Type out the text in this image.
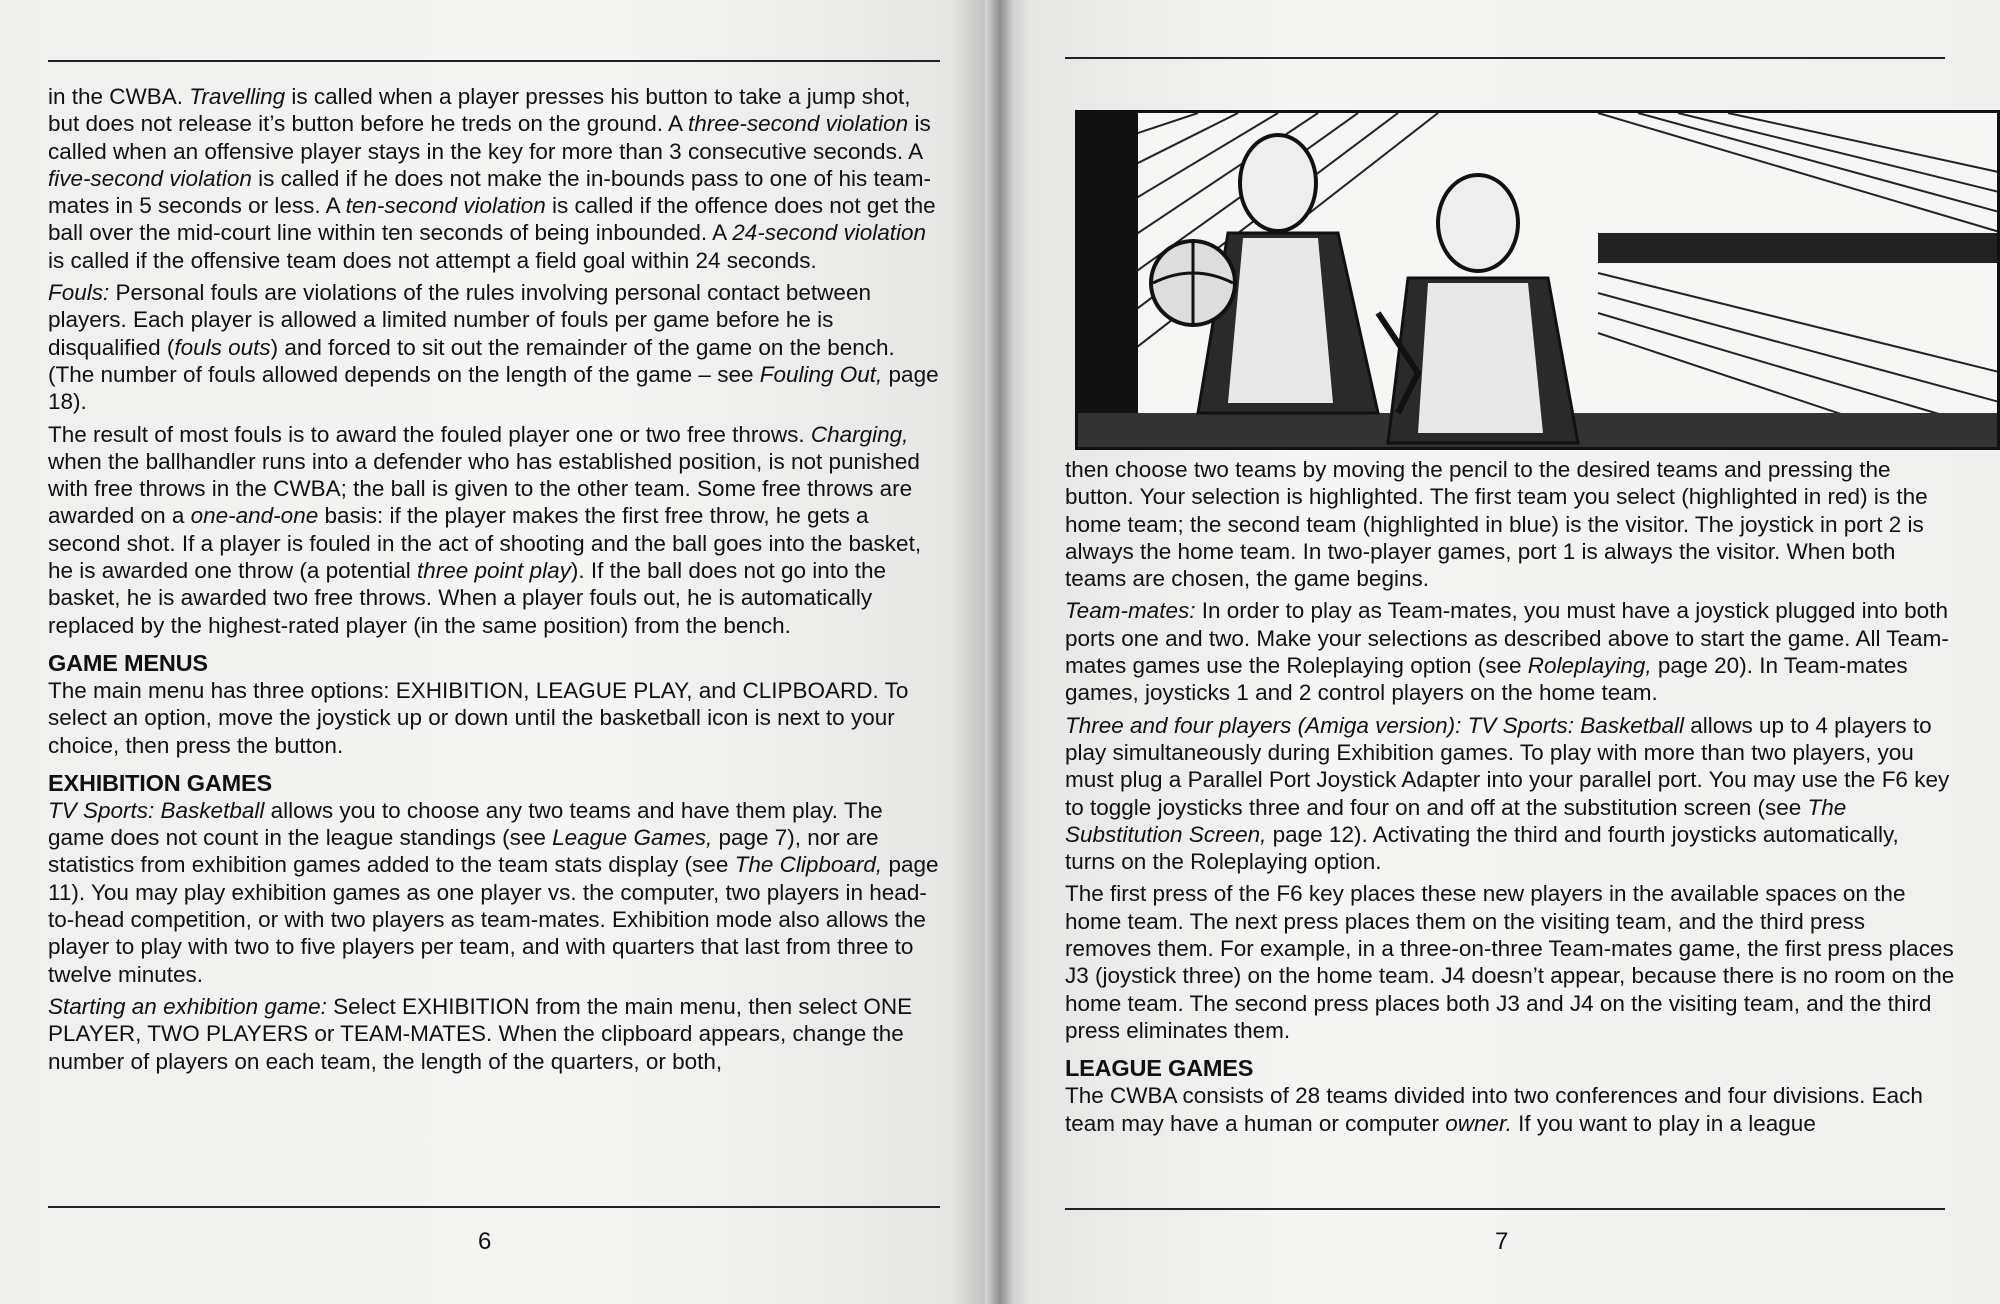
in the CWBA. Travelling is called when a player presses his button to take a jump shot, but does not release it’s button before he treds on the ground. A three-second violation is called when an offensive player stays in the key for more than 3 consecutive seconds. A five-second violation is called if he does not make the in-bounds pass to one of his team-mates in 5 seconds or less. A ten-second violation is called if the offence does not get the ball over the mid-court line within ten seconds of being inbounded. A 24-second violation is called if the offensive team does not attempt a field goal within 24 seconds.

Fouls: Personal fouls are violations of the rules involving personal contact between players. Each player is allowed a limited number of fouls per game before he is disqualified (fouls outs) and forced to sit out the remainder of the game on the bench. (The number of fouls allowed depends on the length of the game – see Fouling Out, page 18).

The result of most fouls is to award the fouled player one or two free throws. Charging, when the ballhandler runs into a defender who has established position, is not punished with free throws in the CWBA; the ball is given to the other team. Some free throws are awarded on a one-and-one basis: if the player makes the first free throw, he gets a second shot. If a player is fouled in the act of shooting and the ball goes into the basket, he is awarded one throw (a potential three point play). If the ball does not go into the basket, he is awarded two free throws. When a player fouls out, he is automatically replaced by the highest-rated player (in the same position) from the bench.

GAME MENUS

The main menu has three options: EXHIBITION, LEAGUE PLAY, and CLIPBOARD. To select an option, move the joystick up or down until the basketball icon is next to your choice, then press the button.

EXHIBITION GAMES

TV Sports: Basketball allows you to choose any two teams and have them play. The game does not count in the league standings (see League Games, page 7), nor are statistics from exhibition games added to the team stats display (see The Clipboard, page 11). You may play exhibition games as one player vs. the computer, two players in head-to-head competition, or with two players as team-mates. Exhibition mode also allows the player to play with two to five players per team, and with quarters that last from three to twelve minutes.

Starting an exhibition game: Select EXHIBITION from the main menu, then select ONE PLAYER, TWO PLAYERS or TEAM-MATES. When the clipboard appears, change the number of players on each team, the length of the quarters, or both,

6

then choose two teams by moving the pencil to the desired teams and pressing the button. Your selection is highlighted. The first team you select (highlighted in red) is the home team; the second team (highlighted in blue) is the visitor. The joystick in port 2 is always the home team. In two-player games, port 1 is always the visitor. When both teams are chosen, the game begins.

Team-mates: In order to play as Team-mates, you must have a joystick plugged into both ports one and two. Make your selections as described above to start the game. All Team-mates games use the Roleplaying option (see Roleplaying, page 20). In Team-mates games, joysticks 1 and 2 control players on the home team.

Three and four players (Amiga version): TV Sports: Basketball allows up to 4 players to play simultaneously during Exhibition games. To play with more than two players, you must plug a Parallel Port Joystick Adapter into your parallel port. You may use the F6 key to toggle joysticks three and four on and off at the substitution screen (see The Substitution Screen, page 12). Activating the third and fourth joysticks automatically, turns on the Roleplaying option.

The first press of the F6 key places these new players in the available spaces on the home team. The next press places them on the visiting team, and the third press removes them. For example, in a three-on-three Team-mates game, the first press places J3 (joystick three) on the home team. J4 doesn’t appear, because there is no room on the home team. The second press places both J3 and J4 on the visiting team, and the third press eliminates them.

LEAGUE GAMES

The CWBA consists of 28 teams divided into two conferences and four divisions. Each team may have a human or computer owner. If you want to play in a league

7
